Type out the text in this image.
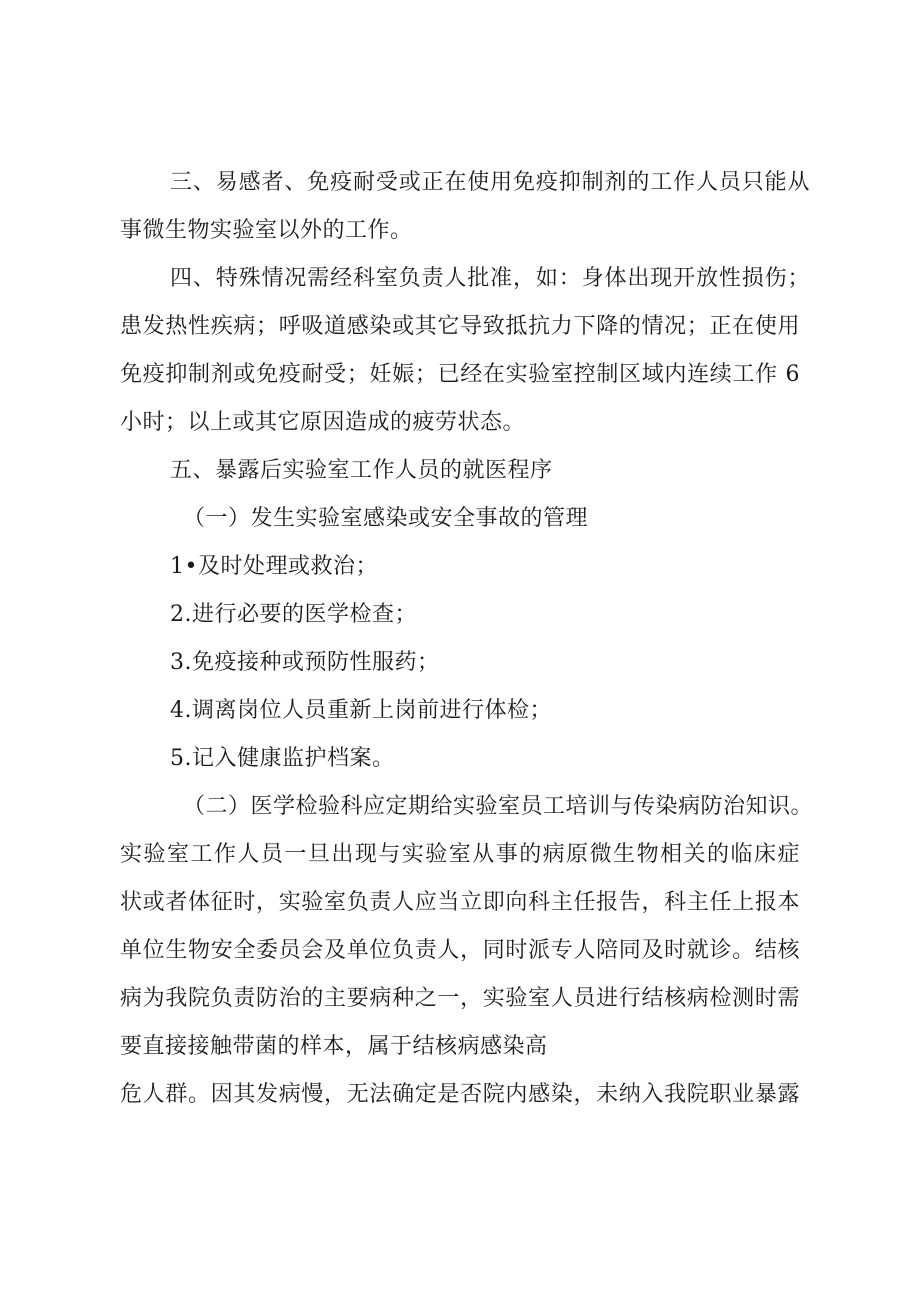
三、易感者、免疫耐受或正在使用免疫抑制剂的工作人员只能从
事微生物实验室以外的工作。
四、特殊情况需经科室负责人批准，如：身体出现开放性损伤；
患发热性疾病；呼吸道感染或其它导致抵抗力下降的情况；正在使用
免疫抑制剂或免疫耐受；妊娠；已经在实验室控制区域内连续工作 6
小时；以上或其它原因造成的疲劳状态。
五、暴露后实验室工作人员的就医程序
（一）发生实验室感染或安全事故的管理
1•及时处理或救治；
2.进行必要的医学检查；
3.免疫接种或预防性服药；
4.调离岗位人员重新上岗前进行体检；
5.记入健康监护档案。
（二）医学检验科应定期给实验室员工培训与传染病防治知识。
实验室工作人员一旦出现与实验室从事的病原微生物相关的临床症
状或者体征时，实验室负责人应当立即向科主任报告，科主任上报本
单位生物安全委员会及单位负责人，同时派专人陪同及时就诊。结核
病为我院负责防治的主要病种之一，实验室人员进行结核病检测时需
要直接接触带菌的样本，属于结核病感染高
危人群。因其发病慢，无法确定是否院内感染，未纳入我院职业暴露
